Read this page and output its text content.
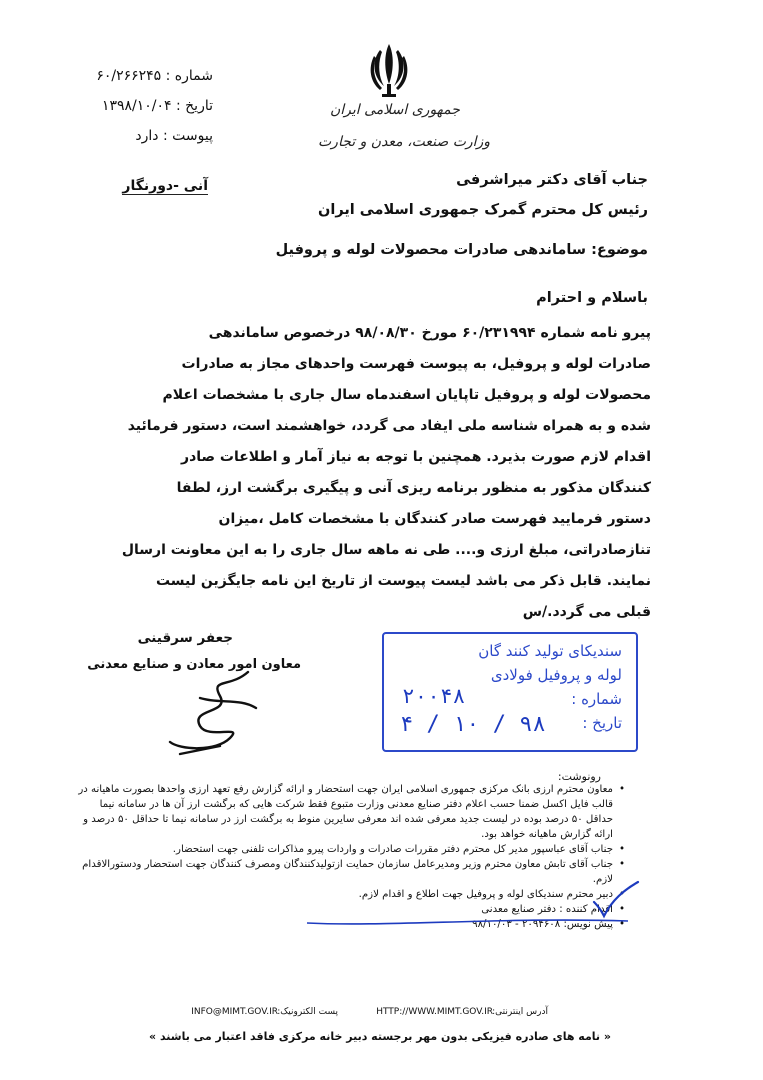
جمهوری اسلامی ایران
وزارت صنعت، معدن و تجارت
شماره : ۶۰/۲۶۶۲۴۵
تاریخ : ۱۳۹۸/۱۰/۰۴
پیوست : دارد
آنی -دورنگار	جناب آقای دکتر میراشرفی
رئیس کل محترم گمرک جمهوری اسلامی ایران
موضوع: ساماندهی صادرات محصولات لوله و پروفیل
باسلام و احترام
پیرو نامه شماره ۶۰/۲۳۱۹۹۴ مورخ ۹۸/۰۸/۳۰ درخصوص ساماندهی
صادرات لوله و پروفیل، به پیوست فهرست واحدهای مجاز به صادرات
محصولات لوله و پروفیل تاپایان اسفندماه سال جاری با مشخصات اعلام
شده و به همراه شناسه ملی ایفاد می گردد، خواهشمند است، دستور فرمائید
اقدام لازم صورت بذیرد. همچنین با توجه به نیاز آمار و اطلاعات صادر
کنندگان مذکور به منظور برنامه ریزی آنی و پیگیری برگشت ارز، لطفا
دستور فرمایید فهرست صادر کنندگان با مشخصات کامل ،میزان
تنازصادراتی، مبلغ ارزی و.... طی نه ماهه سال جاری را به این معاونت ارسال
نمایند. قابل ذکر می باشد لیست پیوست از تاریخ این نامه جایگزین لیست
قبلی می گردد./س
جعفر سرقینی
معاون امور معادن و صنایع معدنی
سندیکای تولید کنند گان
لوله و پروفیل فولادی
شماره :
تاریخ :
٢٠٠۴٨
٩٨ / ١٠ / ۴
رونوشت:
• معاون محترم ارزی بانک مرکزی جمهوری اسلامی ایران جهت استحضار و ارائه گزارش رفع تعهد ارزی واحدها بصورت ماهیانه در قالب فایل اکسل ضمنا حسب اعلام دفتر صنایع معدنی وزارت متبوع فقط شرکت هایی که برگشت ارز آن ها در سامانه نیما حداقل ۵۰ درصد بوده در لیست جدید معرفی شده اند معرفی سایرین منوط به برگشت ارز در سامانه نیما تا حداقل ۵۰ درصد و ارائه گزارش ماهیانه خواهد بود.
• جناب آقای عباسپور مدیر کل محترم دفتر مقررات صادرات و واردات پیرو مذاکرات تلفنی جهت استحضار.
• جناب آقای تابش معاون محترم وزیر ومدیرعامل سازمان حمایت ازتولیدکنندگان ومصرف کنندگان جهت استحضار ودستورالاقدام لازم.
• دبیر محترم سندیکای لوله و پروفیل جهت اطلاع و اقدام لازم.
• اقدام کننده : دفتر صنایع معدنی
• پیش نویس: ۲۰۹۴۶۰۸ - ۹۸/۱۰/۰۳
آدرس اینترنتی:
HTTP://WWW.MIMT.GOV.IR
پست الکترونیک:
INFO@MIMT.GOV.IR
« نامه های صادره فیزیکی بدون مهر برجسته دبیر خانه مرکزی فاقد اعتبار می باشند »
